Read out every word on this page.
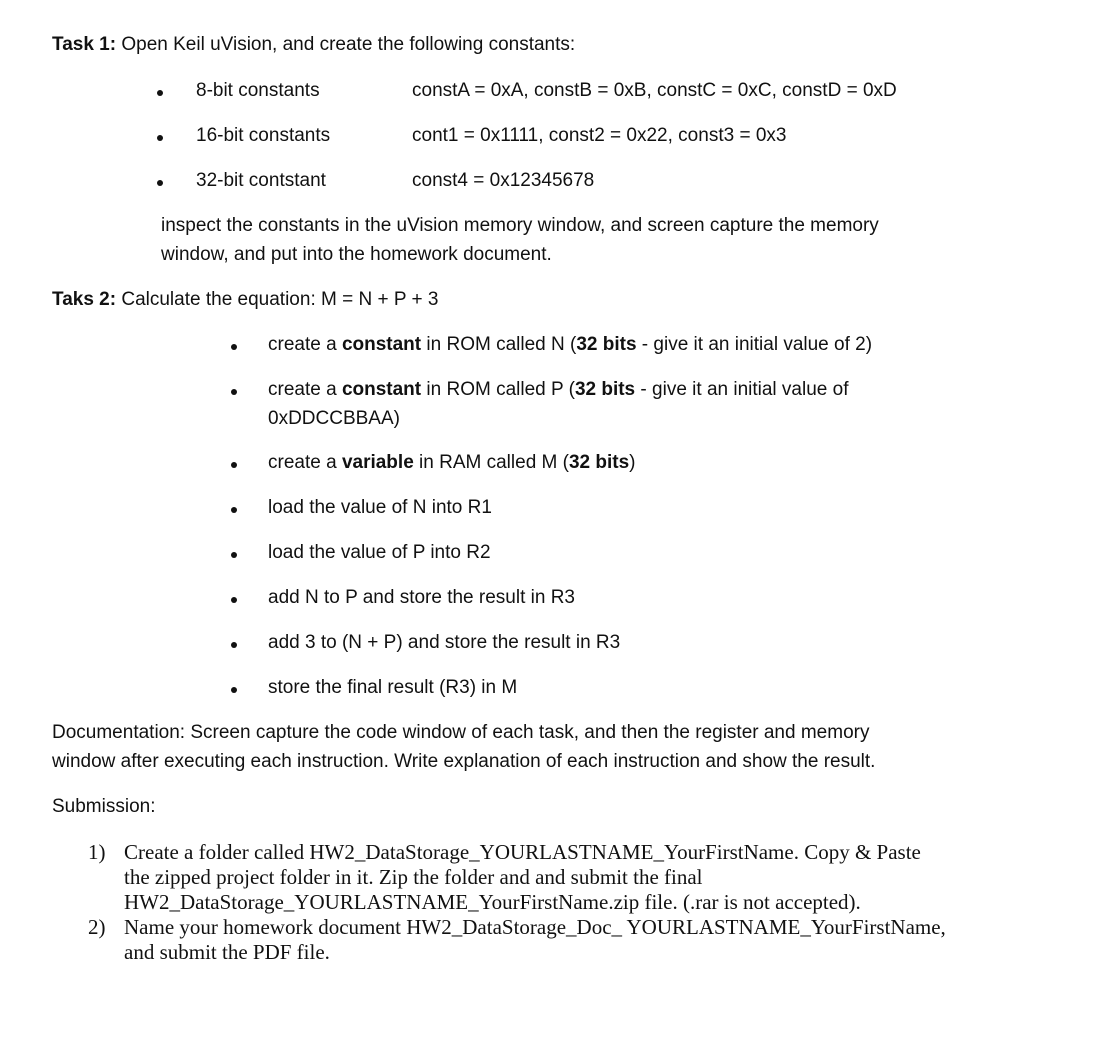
Task 1: Open Keil uVision, and create the following constants:
8-bit constants	constA = 0xA, constB = 0xB, constC = 0xC, constD = 0xD
16-bit constants	cont1 = 0x1111, const2 = 0x22, const3 = 0x3
32-bit contstant	const4 = 0x12345678
inspect the constants in the uVision memory window, and screen capture the memory
window, and put into the homework document.
Taks 2: Calculate the equation: M = N + P + 3
create a constant in ROM called N (32 bits - give it an initial value of 2)
create a constant in ROM called P (32 bits - give it an initial value of
0xDDCCBBAA)
create a variable in RAM called M (32 bits)
load the value of N into R1
load the value of P into R2
add N to P and store the result in R3
add 3 to (N + P) and store the result in R3
store the final result (R3) in M
Documentation: Screen capture the code window of each task, and then the register and memory
window after executing each instruction. Write explanation of each instruction and show the result.
Submission:
1) Create a folder called HW2_DataStorage_YOURLASTNAME_YourFirstName. Copy & Paste
the zipped project folder in it. Zip the folder and and submit the final
HW2_DataStorage_YOURLASTNAME_YourFirstName.zip file. (.rar is not accepted).
2) Name your homework document HW2_DataStorage_Doc_ YOURLASTNAME_YourFirstName,
and submit the PDF file.
